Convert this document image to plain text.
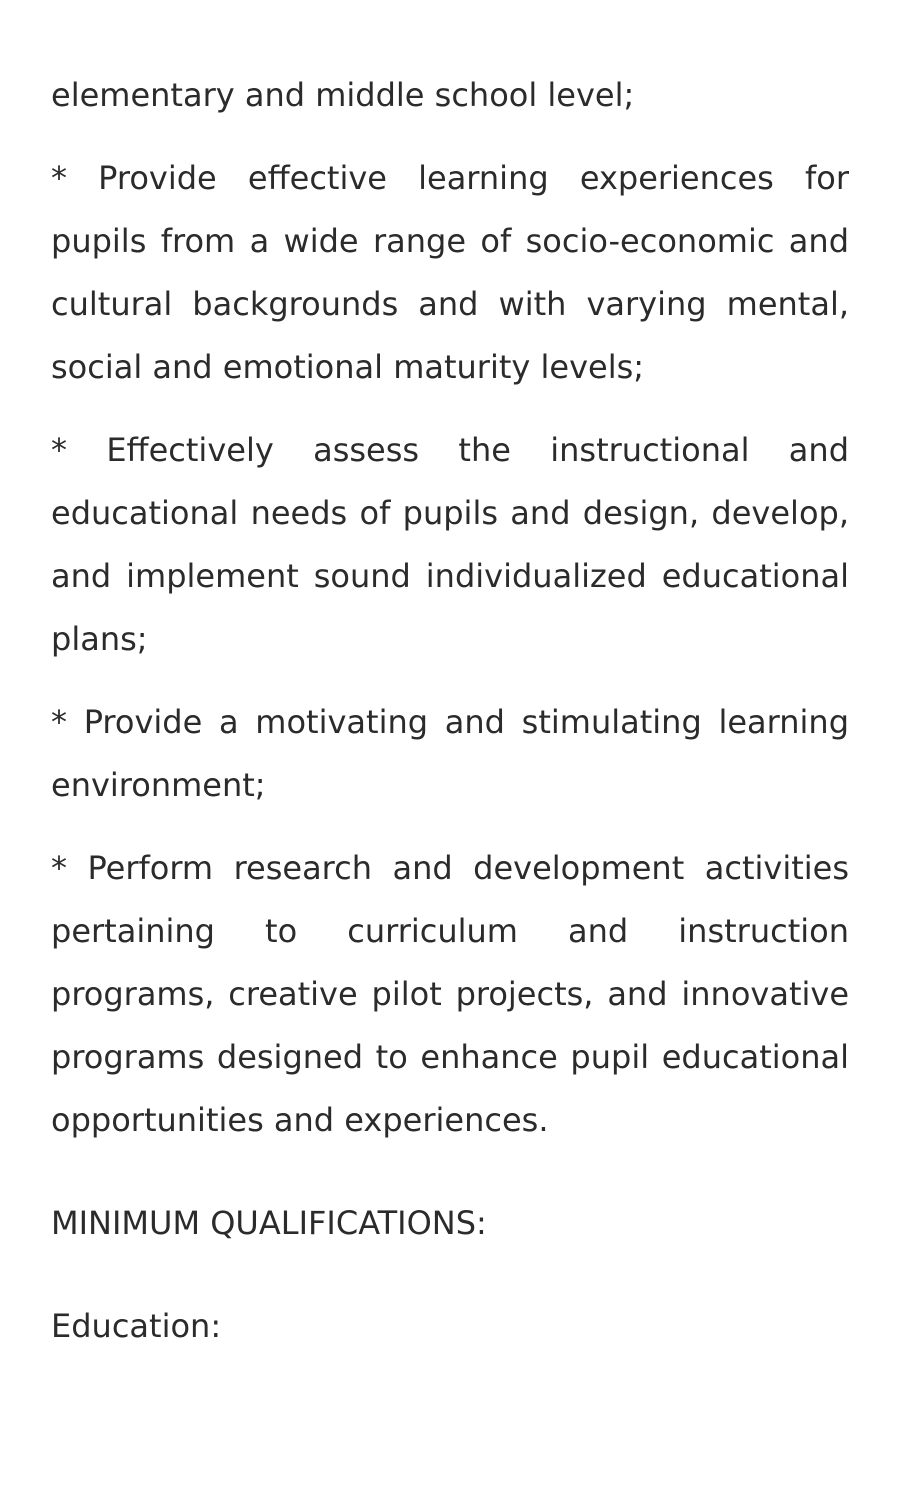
elementary and middle school level;

* Provide effective learning experiences for pupils from a wide range of socio-economic and cultural backgrounds and with varying mental, social and emotional maturity levels;

* Effectively assess the instructional and educational needs of pupils and design, develop, and implement sound individualized educational plans;

* Provide a motivating and stimulating learning environment;

* Perform research and development activities pertaining to curriculum and instruction programs, creative pilot projects, and innovative programs designed to enhance pupil educational opportunities and experiences.

MINIMUM QUALIFICATIONS:

Education:
